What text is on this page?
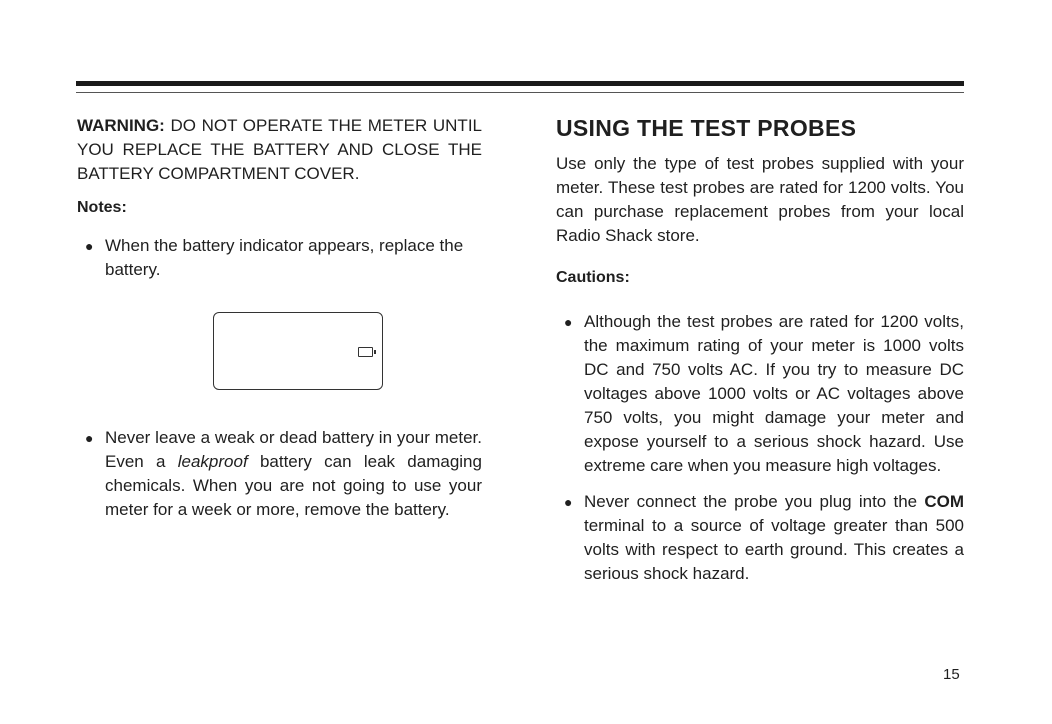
WARNING: DO NOT OPERATE THE METER UNTIL YOU REPLACE THE BATTERY AND CLOSE THE BATTERY COMPARTMENT COVER.
Notes:
● When the battery indicator appears, replace the battery.
● Never leave a weak or dead battery in your meter. Even a leakproof battery can leak damaging chemicals. When you are not going to use your meter for a week or more, remove the battery.
USING THE TEST PROBES
Use only the type of test probes supplied with your meter. These test probes are rated for 1200 volts. You can purchase replacement probes from your local Radio Shack store.
Cautions:
● Although the test probes are rated for 1200 volts, the maximum rating of your meter is 1000 volts DC and 750 volts AC. If you try to measure DC voltages above 1000 volts or AC voltages above 750 volts, you might damage your meter and expose yourself to a serious shock hazard. Use extreme care when you measure high voltages.
● Never connect the probe you plug into the COM terminal to a source of voltage greater than 500 volts with respect to earth ground. This creates a serious shock hazard.
15
